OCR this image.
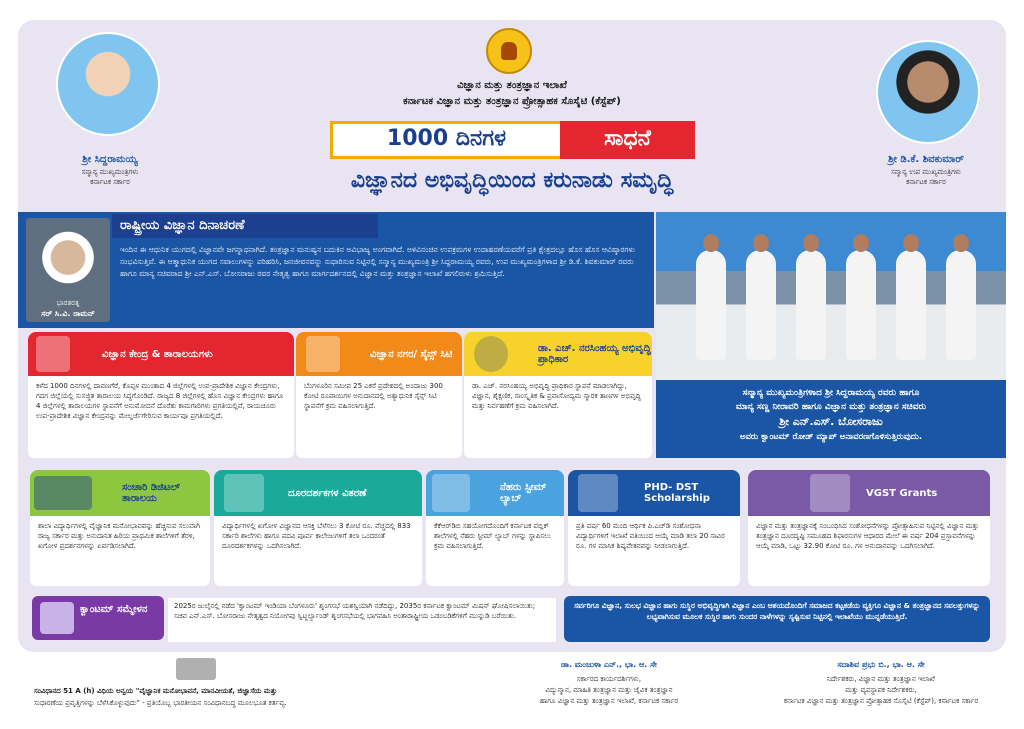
ಶ್ರೀ ಸಿದ್ದರಾಮಯ್ಯ
ಸನ್ಮಾನ್ಯ ಮುಖ್ಯಮಂತ್ರಿಗಳು
ಕರ್ನಾಟಕ ಸರ್ಕಾರ
ಶ್ರೀ ಡಿ.ಕೆ. ಶಿವಕುಮಾರ್
ಸನ್ಮಾನ್ಯ ಉಪ ಮುಖ್ಯಮಂತ್ರಿಗಳು
ಕರ್ನಾಟಕ ಸರ್ಕಾರ
ವಿಜ್ಞಾನ ಮತ್ತು ತಂತ್ರಜ್ಞಾನ ಇಲಾಖೆ
ಕರ್ನಾಟಕ ವಿಜ್ಞಾನ ಮತ್ತು ತಂತ್ರಜ್ಞಾನ ಪ್ರೋತ್ಸಾಹಕ ಸೊಸೈಟಿ (ಕೆಸ್ಟೆಪ್)
1000 ದಿನಗಳ	ಸಾಧನೆ
ವಿಜ್ಞಾನದ ಅಭಿವೃದ್ಧಿಯಿಂದ ಕರುನಾಡು ಸಮೃದ್ಧಿ
ಭಾರತರತ್ನ
ಸರ್ ಸಿ.ವಿ. ರಾಮನ್
ರಾಷ್ಟ್ರೀಯ ವಿಜ್ಞಾನ ದಿನಾಚರಣೆ
ಇಂದಿನ ಈ ಆಧುನಿಕ ಯುಗದಲ್ಲಿ ವಿಜ್ಞಾನವೇ ಜಗನ್ನಾಥನಾಗಿದೆ. ತಂತ್ರಜ್ಞಾನ ಮನುಷ್ಯನ ಬದುಕಿನ ಅವಿಭಾಜ್ಯ ಅಂಗವಾಗಿದೆ. ಅಳಿವಿನಂಚಿನ ಉಪಕ್ರಮಗಳ ಉದಾಹರಣೆಯವರೆಗೆ ಪ್ರತಿ ಕ್ಷೇತ್ರದಲ್ಲೂ ಹೊಸ ಹೊಸ ಆವಿಷ್ಕಾರಗಳು ಸಂಭವಿಸುತ್ತಿವೆ. ಈ ಆತ್ಮಾಧುನಿಕ ಯುಗದ ಸವಾಲುಗಳನ್ನು ಪರಿಹರಿಸಿ, ಜನಜೀವನವನ್ನು ಸುಧಾರಿಸುವ ನಿಟ್ಟಿನಲ್ಲಿ ಸನ್ಮಾನ್ಯ ಮುಖ್ಯಮಂತ್ರಿ ಶ್ರೀ ಸಿದ್ದರಾಮಯ್ಯ ರವರು, ಉಪ ಮುಖ್ಯಮಂತ್ರಿಗಳಾದ ಶ್ರೀ ಡಿ.ಕೆ. ಶಿವಕುಮಾರ್ ರವರು ಹಾಗೂ ಮಾನ್ಯ ಸಚಿವರಾದ ಶ್ರೀ ಎನ್.ಎಸ್. ಬೋಸರಾಜು ರವರ ನೇತೃತ್ವ ಹಾಗೂ ಮಾರ್ಗದರ್ಶನದಲ್ಲಿ ವಿಜ್ಞಾನ ಮತ್ತು ತಂತ್ರಜ್ಞಾನ ಇಲಾಖೆ ಹಗಲಿರುಳು ಶ್ರಮಿಸುತ್ತಿದೆ.
ಸನ್ಮಾನ್ಯ ಮುಖ್ಯಮಂತ್ರಿಗಳಾದ ಶ್ರೀ ಸಿದ್ದರಾಮಯ್ಯ ರವರು ಹಾಗೂ
ಮಾನ್ಯ ಸಣ್ಣ ನೀರಾವರಿ ಹಾಗೂ ವಿಜ್ಞಾನ ಮತ್ತು ತಂತ್ರಜ್ಞಾನ ಸಚಿವರು
ಶ್ರೀ ಎನ್.ಎಸ್. ಬೋಸರಾಜು
ಅವರು ಕ್ವಾಂಟಮ್ ರೋಡ್ ಮ್ಯಾಪ್ ಅನಾವರಣಗೊಳಿಸುತ್ತಿರುವುದು.
ವಿಜ್ಞಾನ ಕೇಂದ್ರ & ತಾರಾಲಯಗಳು
ಕಳೆದ 1000 ದಿನಗಳಲ್ಲಿ ದಾವಣಗೆರೆ, ಕೊಪ್ಪಳ ಮುಂತಾದ 4 ಜಿಲ್ಲೆಗಳಲ್ಲಿ ಉಪ-ಪ್ರಾದೇಶಿಕ ವಿಜ್ಞಾನ ಕೇಂದ್ರಗಳು, ಗದಗ ಜಿಲ್ಲೆಯಲ್ಲಿ ಸುಸಜ್ಜಿತ ತಾರಾಲಯ ಸಿದ್ಧಗೊಂಡಿದೆ. ರಾಜ್ಯದ 8 ಜಿಲ್ಲೆಗಳಲ್ಲಿ ಹೊಸ ವಿಜ್ಞಾನ ಕೇಂದ್ರಗಳು ಹಾಗೂ 4 ಜಿಲ್ಲೆಗಳಲ್ಲಿ ತಾರಾಲಯಗಳ ಸ್ಥಾಪನೆಗೆ ಅನುಮೋದನೆ ದೊರೆತು ಕಾಮಗಾರಿಗಳು ಪ್ರಗತಿಯಲ್ಲಿವೆ, ರಾಯಚೂರು ಉಪ-ಪ್ರಾದೇಶಿಕ ವಿಜ್ಞಾನ ಕೇಂದ್ರವನ್ನು ಮೇಲ್ದರ್ಜೆಗೇರಿಸುವ ಕಾರ್ಯವೂ ಪ್ರಗತಿಯಲ್ಲಿದೆ.
ವಿಜ್ಞಾನ ನಗರ/ ಸೈನ್ಸ್ ಸಿಟಿ
ಬೆಂಗಳೂರಿನ ಸಮೀಪ 25 ಎಕರೆ ಪ್ರದೇಶದಲ್ಲಿ ಅಂದಾಜು 300 ಕೋಟಿ ರೂಪಾಯಿಗಳ ಅನುದಾನದಲ್ಲಿ ಅತ್ಯಾಧುನಿಕ ಸೈನ್ಸ್ ಸಿಟಿ ಸ್ಥಾಪನೆಗೆ ಕ್ರಮ ವಹಿಸಲಾಗುತ್ತಿದೆ.
ಡಾ. ಎಚ್. ನರಸಿಂಹಯ್ಯ ಅಭಿವೃದ್ಧಿ ಪ್ರಾಧಿಕಾರ
ಡಾ. ಎಚ್. ನರಸಿಂಹಯ್ಯ ಅಭಿವೃದ್ಧಿ ಪ್ರಾಧಿಕಾರ ಸ್ಥಾಪನೆ ಮಾಡಲಾಗಿದ್ದು, ವಿಜ್ಞಾನ, ಶೈಕ್ಷಣಿಕ, ಸಾಂಸ್ಕೃತಿಕ & ಪ್ರವಾಸೋದ್ಯಮ ಸ್ಮಾರಕ ತಾಣಗಳ ಅಭಿವೃದ್ಧಿ ಮತ್ತು ನಿರ್ವಹಣೆಗೆ ಕ್ರಮ ವಹಿಸಲಾಗಿದೆ.
ಸಂಚಾರಿ ಡಿಜಿಟಲ್ ತಾರಾಲಯ
ಶಾಲಾ ವಿದ್ಯಾರ್ಥಿಗಳಲ್ಲಿ ವೈಜ್ಞಾನಿಕ ಮನೋಭಾವವನ್ನು ಹೆಚ್ಚಿಸುವ ಸಲುವಾಗಿ ರಾಜ್ಯ ಸರ್ಕಾರ ಮತ್ತು ಅನುದಾನಿತ ಹಿರಿಯ ಪ್ರಾಥಮಿಕ ಶಾಲೆಗಳಿಗೆ ತೆರಳಿ, ಖಗೋಳ ಪ್ರದರ್ಶನಗಳನ್ನು ಏರ್ಪಡಿಸಲಾಗಿದೆ.
ದೂರದರ್ಶಕಗಳ ವಿತರಣೆ
ವಿದ್ಯಾರ್ಥಿಗಳಲ್ಲಿ ಖಗೋಳ ವಿಜ್ಞಾನದ ಆಸಕ್ತಿ ಬೆಳೆಸಲು 3 ಕೋಟಿ ರೂ. ವೆಚ್ಚದಲ್ಲಿ 833 ಸರ್ಕಾರಿ ಶಾಲೆಗಳು ಹಾಗೂ ಪದವಿ ಪೂರ್ವ ಕಾಲೇಜುಗಳಿಗೆ ತಲಾ ಒಂದರಂತೆ ದೂರದರ್ಶಕಗಳನ್ನು ಒದಗಿಸಲಾಗಿದೆ.
ನೆಹರು ಸ್ಟೀಮ್ ಲ್ಯಾಬ್
ಕೆಕೆಆರ್‌ಡಿಬಿ ಸಹಯೋಗದೊಂದಿಗೆ ಕರ್ನಾಟಕ ಪಬ್ಲಿಕ್ ಶಾಲೆಗಳಲ್ಲಿ ನೆಹರು ಸ್ಟೀಮ್ ಲ್ಯಾಬ್ ಗಳನ್ನು ಸ್ಥಾಪಿಸಲು ಕ್ರಮ ವಹಿಸಲಾಗುತ್ತಿದೆ.
PHD- DST Scholarship
ಪ್ರತಿ ವರ್ಷ 60 ಮಂದಿ ಆರ್ಥಿಕ ಪಿ.ಎಚ್‌ಡಿ ಸಂಶೋಧನಾ ವಿದ್ಯಾರ್ಥಿಗಳಿಗೆ ಇಲಾಖೆ ವತಿಯಿಂದ ಆಯ್ಕೆ ಮಾಡಿ ತಲಾ 20 ಸಾವಿರ ರೂ. ಗಳ ಮಾಸಿಕ ಶಿಷ್ಯವೇತನವನ್ನು ನೀಡಲಾಗುತ್ತಿದೆ.
VGST Grants
ವಿಜ್ಞಾನ ಮತ್ತು ತಂತ್ರಜ್ಞಾನಕ್ಕೆ ಸಂಬಂಧಿಸಿದ ಸಂಶೋಧನೆಗಳನ್ನು ಪ್ರೋತ್ಸಾಹಿಸುವ ನಿಟ್ಟಿನಲ್ಲಿ ವಿಜ್ಞಾನ ಮತ್ತು ತಂತ್ರಜ್ಞಾನ ದೂರದೃಷ್ಟಿ ಸಮೂಹದ ಶಿಫಾರಸುಗಳ ಆಧಾರದ ಮೇಲೆ ಈ ವರ್ಷ 204 ಪ್ರಸ್ತಾವನೆಗಳನ್ನು ಆಯ್ಕೆ ಮಾಡಿ, ಒಟ್ಟು 32.90 ಕೋಟಿ ರೂ. ಗಳ ಅನುದಾನವನ್ನು ಒದಗಿಸಲಾಗಿದೆ.
ಕ್ವಾಂಟಮ್ ಸಮ್ಮೇಳನ	2025ರ ಜುಲೈನಲ್ಲಿ ನಡೆದ 'ಕ್ವಾಂಟಮ್ ಇಂಡಿಯಾ ಬೆಂಗಳೂರು' ಶೃಂಗಸಭೆ ಯಶಸ್ವಿಯಾಗಿ ನಡೆದಿದ್ದು, 2035ರ ಕರ್ನಾಟಕ ಕ್ವಾಂಟಮ್ ಮಿಷನ್ ಘೋಷಿಸಲಾಯಿತು; ಸಚಿವ ಎನ್.ಎಸ್. ಬೋಸರಾಜು ನೇತೃತ್ವದ ನಿಯೋಗವು ಸ್ವಿಟ್ಜರ್ಲ್ಯಾಂಡ್ ಶೃಂಗಸಭೆಯಲ್ಲಿ ಭಾಗವಹಿಸಿ ಅಂತಾರಾಷ್ಟ್ರೀಯ ಒಡಂಬಡಿಕೆಗಳಿಗೆ ಮುನ್ನುಡಿ ಬರೆಯಿತು.
ಸರ್ವರಿಗೂ ವಿಜ್ಞಾನ, ಸುಲಭ ವಿಜ್ಞಾನ ಹಾಗು ಸುಸ್ಥಿರ ಅಭಿವೃದ್ಧಿಗಾಗಿ ವಿಜ್ಞಾನ ಎಂಬ ಆಶಯದೊಂದಿಗೆ ಸಮಾಜದ ಕಟ್ಟಕಡೆಯ ವ್ಯಕ್ತಿಗೂ ವಿಜ್ಞಾನ & ತಂತ್ರಜ್ಞಾನದ ಸವಲತ್ತುಗಳನ್ನು ಲಭ್ಯವಾಗಿಸುವ ಮೂಲಕ ಸುಸ್ಥಿರ ಹಾಗು ಸುಂದರ ನಾಳೆಗಳನ್ನು ಸೃಷ್ಟಿಸುವ ನಿಟ್ಟಿನಲ್ಲಿ ಇಲಾಖೆಯು ಮುನ್ನಡೆಯುತ್ತಿದೆ.
ಸಂವಿಧಾನದ 51 A (h) ವಿಧಿಯ ಅನ್ವಯ "ವೈಜ್ಞಾನಿಕ ಮನೋಭಾವನೆ, ಮಾನವೀಯತೆ, ಜಿಜ್ಞಾಸೆಯ ಮತ್ತು
ಸುಧಾರಣೆಯ ಪ್ರವೃತ್ತಿಗಳನ್ನು ಬೆಳೆಸಿಕೊಳ್ಳುವುದು" - ಪ್ರತಿಯೊಬ್ಬ ಭಾರತೀಯನ ಸಂವಿಧಾನಬದ್ಧ ಮೂಲಭೂತ ಕರ್ತವ್ಯ.
ಡಾ. ಮಂಜುಳಾ ಎನ್., ಭಾ. ಆ. ಸೇ
ಸರ್ಕಾರದ ಕಾರ್ಯದರ್ಶಿಗಳು,
ವಿದ್ಯುನ್ಮಾನ, ಮಾಹಿತಿ ತಂತ್ರಜ್ಞಾನ ಮತ್ತು ಜೈವಿಕ ತಂತ್ರಜ್ಞಾನ
ಹಾಗೂ ವಿಜ್ಞಾನ ಮತ್ತು ತಂತ್ರಜ್ಞಾನ ಇಲಾಖೆ, ಕರ್ನಾಟಕ ಸರ್ಕಾರ
ಸದಾಶಿವ ಪ್ರಭು ಬಿ., ಭಾ. ಆ. ಸೇ
ನಿರ್ದೇಶಕರು, ವಿಜ್ಞಾನ ಮತ್ತು ತಂತ್ರಜ್ಞಾನ ಇಲಾಖೆ
ಮತ್ತು ವ್ಯವಸ್ಥಾಪಕ ನಿರ್ದೇಶಕರು,
ಕರ್ನಾಟಕ ವಿಜ್ಞಾನ ಮತ್ತು ತಂತ್ರಜ್ಞಾನ ಪ್ರೋತ್ಸಾಹಕ ಸೊಸೈಟಿ (ಕೆಸ್ಟೆಪ್), ಕರ್ನಾಟಕ ಸರ್ಕಾರ
